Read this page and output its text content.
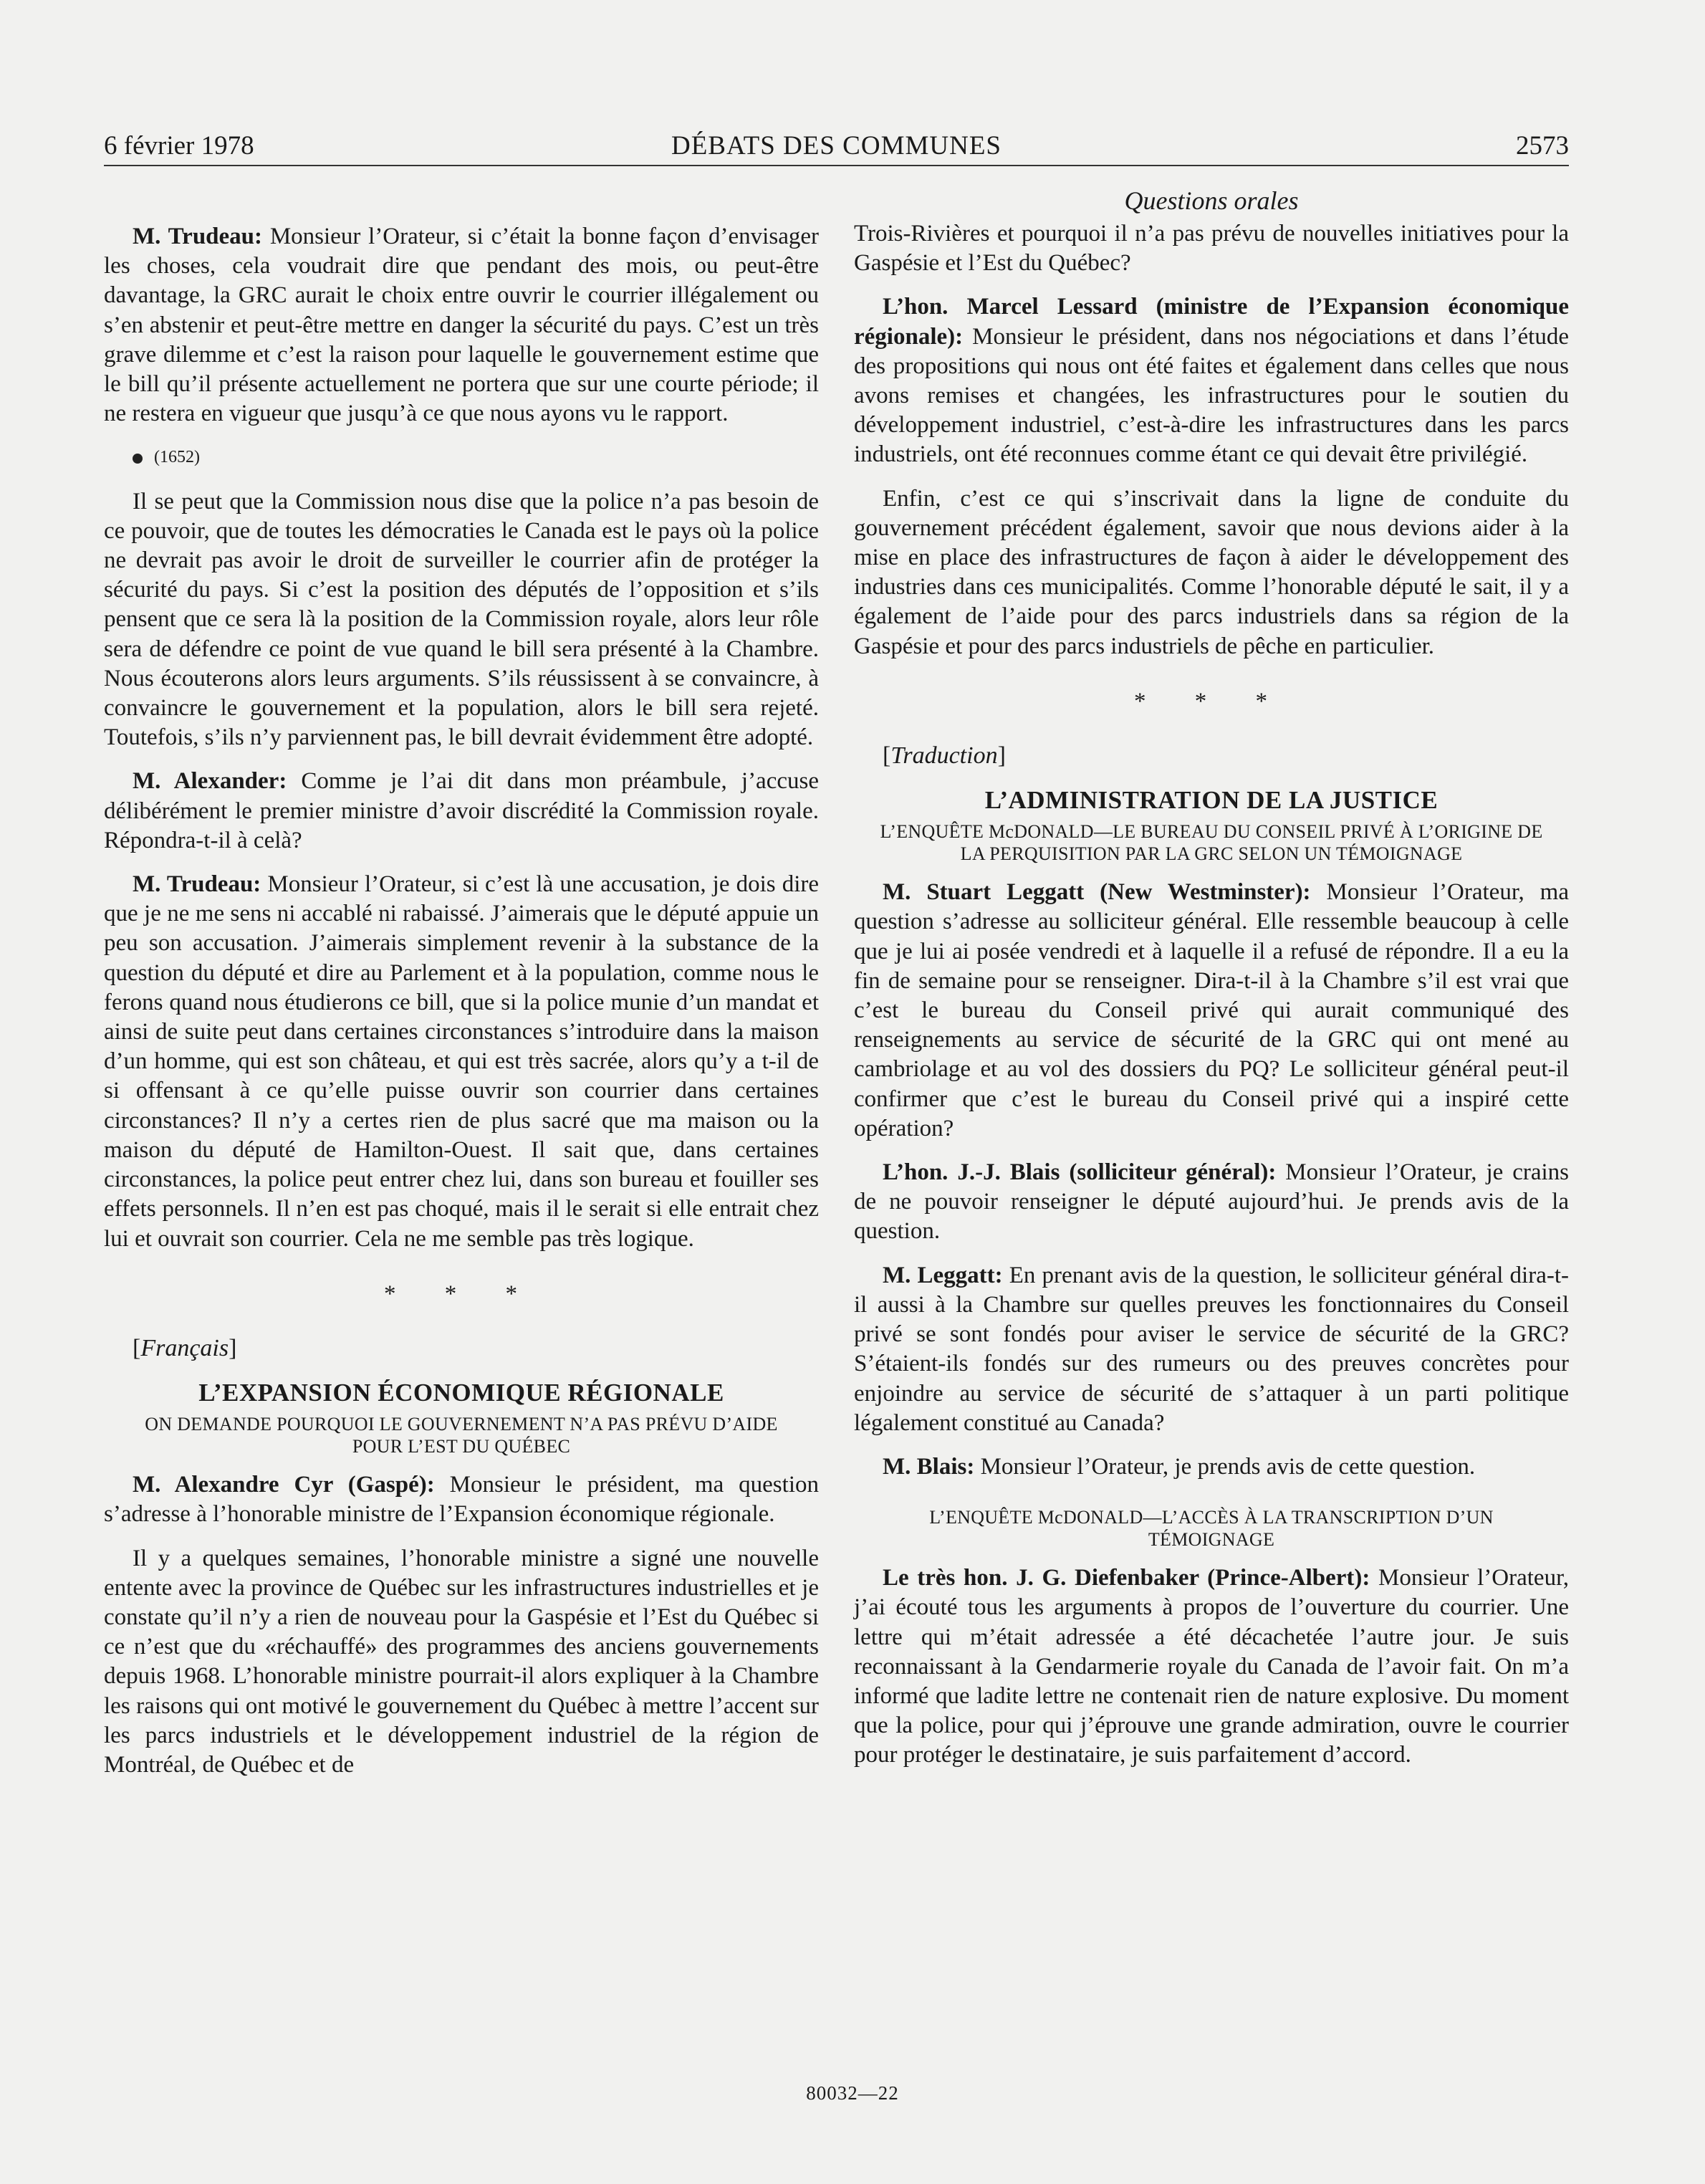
6 février 1978	DÉBATS DES COMMUNES	2573

M. Trudeau: Monsieur l’Orateur, si c’était la bonne façon d’envisager les choses, cela voudrait dire que pendant des mois, ou peut-être davantage, la GRC aurait le choix entre ouvrir le courrier illégalement ou s’en abstenir et peut-être mettre en danger la sécurité du pays. C’est un très grave dilemme et c’est la raison pour laquelle le gouvernement estime que le bill qu’il présente actuellement ne portera que sur une courte période; il ne restera en vigueur que jusqu’à ce que nous ayons vu le rapport.

(1652)

Il se peut que la Commission nous dise que la police n’a pas besoin de ce pouvoir, que de toutes les démocraties le Canada est le pays où la police ne devrait pas avoir le droit de surveiller le courrier afin de protéger la sécurité du pays. Si c’est la position des députés de l’opposition et s’ils pensent que ce sera là la position de la Commission royale, alors leur rôle sera de défendre ce point de vue quand le bill sera présenté à la Chambre. Nous écouterons alors leurs arguments. S’ils réussissent à se convaincre, à convaincre le gouvernement et la population, alors le bill sera rejeté. Toutefois, s’ils n’y parviennent pas, le bill devrait évidemment être adopté.

M. Alexander: Comme je l’ai dit dans mon préambule, j’accuse délibérément le premier ministre d’avoir discrédité la Commission royale. Répondra-t-il à celà?

M. Trudeau: Monsieur l’Orateur, si c’est là une accusation, je dois dire que je ne me sens ni accablé ni rabaissé. J’aimerais que le député appuie un peu son accusation. J’aimerais simplement revenir à la substance de la question du député et dire au Parlement et à la population, comme nous le ferons quand nous étudierons ce bill, que si la police munie d’un mandat et ainsi de suite peut dans certaines circonstances s’introduire dans la maison d’un homme, qui est son château, et qui est très sacrée, alors qu’y a t-il de si offensant à ce qu’elle puisse ouvrir son courrier dans certaines circonstances? Il n’y a certes rien de plus sacré que ma maison ou la maison du député de Hamilton-Ouest. Il sait que, dans certaines circonstances, la police peut entrer chez lui, dans son bureau et fouiller ses effets personnels. Il n’en est pas choqué, mais il le serait si elle entrait chez lui et ouvrait son courrier. Cela ne me semble pas très logique.

* * *

[Français]

L’EXPANSION ÉCONOMIQUE RÉGIONALE
ON DEMANDE POURQUOI LE GOUVERNEMENT N’A PAS PRÉVU D’AIDE POUR L’EST DU QUÉBEC

M. Alexandre Cyr (Gaspé): Monsieur le président, ma question s’adresse à l’honorable ministre de l’Expansion économique régionale.

Il y a quelques semaines, l’honorable ministre a signé une nouvelle entente avec la province de Québec sur les infrastructures industrielles et je constate qu’il n’y a rien de nouveau pour la Gaspésie et l’Est du Québec si ce n’est que du «réchauffé» des programmes des anciens gouvernements depuis 1968. L’honorable ministre pourrait-il alors expliquer à la Chambre les raisons qui ont motivé le gouvernement du Québec à mettre l’accent sur les parcs industriels et le développement industriel de la région de Montréal, de Québec et de

Questions orales

Trois-Rivières et pourquoi il n’a pas prévu de nouvelles initiatives pour la Gaspésie et l’Est du Québec?

L’hon. Marcel Lessard (ministre de l’Expansion économique régionale): Monsieur le président, dans nos négociations et dans l’étude des propositions qui nous ont été faites et également dans celles que nous avons remises et changées, les infrastructures pour le soutien du développement industriel, c’est-à-dire les infrastructures dans les parcs industriels, ont été reconnues comme étant ce qui devait être privilégié.

Enfin, c’est ce qui s’inscrivait dans la ligne de conduite du gouvernement précédent également, savoir que nous devions aider à la mise en place des infrastructures de façon à aider le développement des industries dans ces municipalités. Comme l’honorable député le sait, il y a également de l’aide pour des parcs industriels dans sa région de la Gaspésie et pour des parcs industriels de pêche en particulier.

* * *

[Traduction]

L’ADMINISTRATION DE LA JUSTICE
L’ENQUÊTE McDONALD—LE BUREAU DU CONSEIL PRIVÉ À L’ORIGINE DE LA PERQUISITION PAR LA GRC SELON UN TÉMOIGNAGE

M. Stuart Leggatt (New Westminster): Monsieur l’Orateur, ma question s’adresse au solliciteur général. Elle ressemble beaucoup à celle que je lui ai posée vendredi et à laquelle il a refusé de répondre. Il a eu la fin de semaine pour se renseigner. Dira-t-il à la Chambre s’il est vrai que c’est le bureau du Conseil privé qui aurait communiqué des renseignements au service de sécurité de la GRC qui ont mené au cambriolage et au vol des dossiers du PQ? Le solliciteur général peut-il confirmer que c’est le bureau du Conseil privé qui a inspiré cette opération?

L’hon. J.-J. Blais (solliciteur général): Monsieur l’Orateur, je crains de ne pouvoir renseigner le député aujourd’hui. Je prends avis de la question.

M. Leggatt: En prenant avis de la question, le solliciteur général dira-t-il aussi à la Chambre sur quelles preuves les fonctionnaires du Conseil privé se sont fondés pour aviser le service de sécurité de la GRC? S’étaient-ils fondés sur des rumeurs ou des preuves concrètes pour enjoindre au service de sécurité de s’attaquer à un parti politique légalement constitué au Canada?

M. Blais: Monsieur l’Orateur, je prends avis de cette question.

L’ENQUÊTE McDONALD—L’ACCÈS À LA TRANSCRIPTION D’UN TÉMOIGNAGE

Le très hon. J. G. Diefenbaker (Prince-Albert): Monsieur l’Orateur, j’ai écouté tous les arguments à propos de l’ouverture du courrier. Une lettre qui m’était adressée a été décachetée l’autre jour. Je suis reconnaissant à la Gendarmerie royale du Canada de l’avoir fait. On m’a informé que ladite lettre ne contenait rien de nature explosive. Du moment que la police, pour qui j’éprouve une grande admiration, ouvre le courrier pour protéger le destinataire, je suis parfaitement d’accord.

80032—22
